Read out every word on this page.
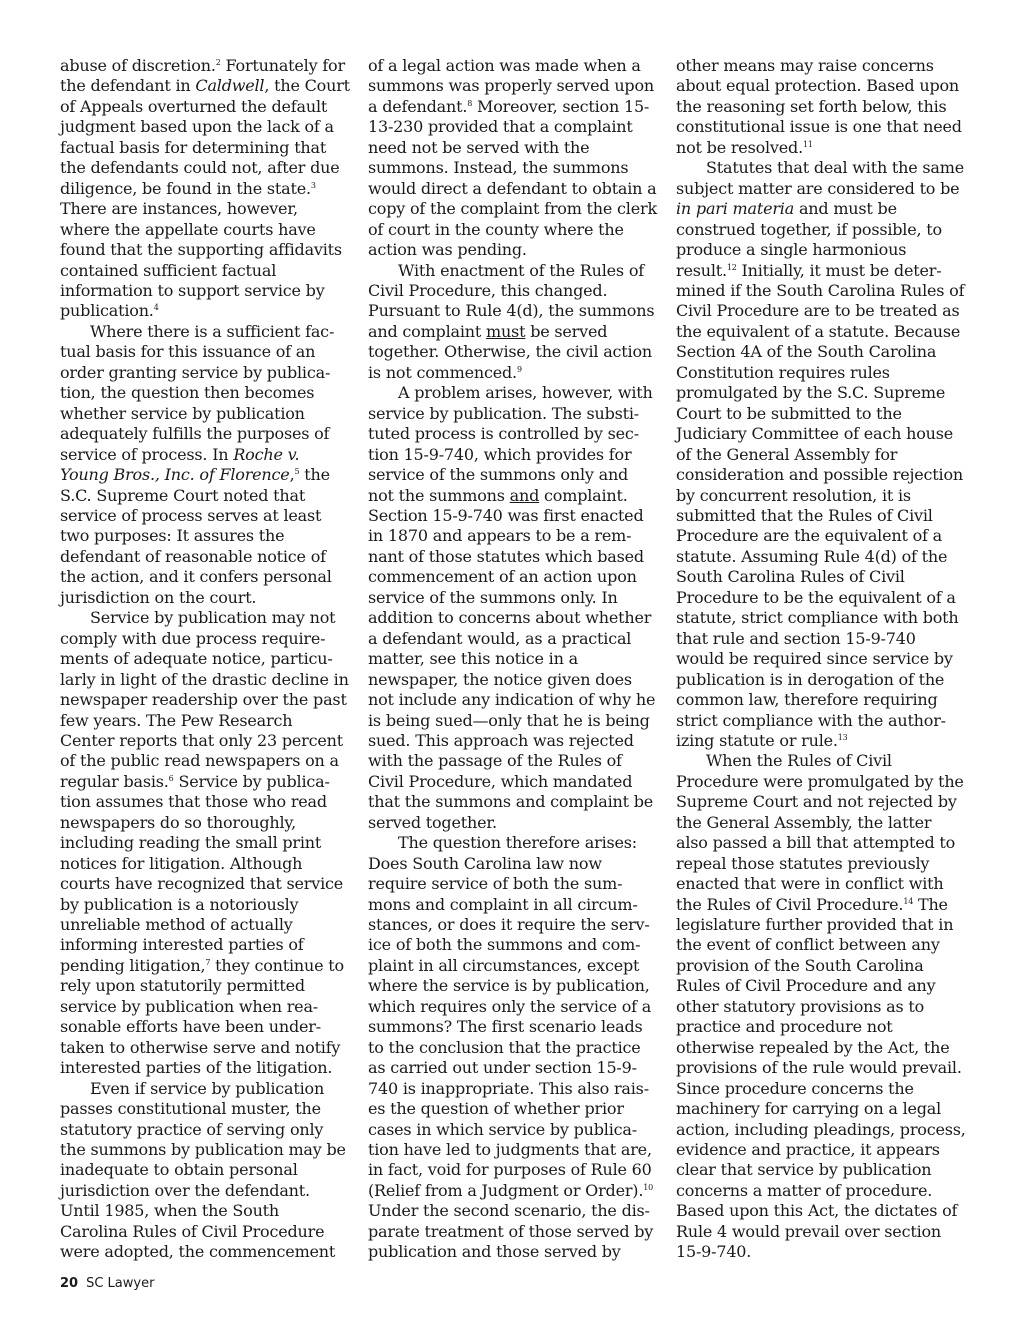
abuse of discretion.$^2$ Fortunately for the defendant in Caldwell, the Court of Appeals overturned the default judgment based upon the lack of a factual basis for determining that the defendants could not, after due diligence, be found in the state.$^3$ There are instances, however, where the appellate courts have found that the supporting affidavits contained sufficient factual information to support service by publication.$^4$

Where there is a sufficient factual basis for this issuance of an order granting service by publication, the question then becomes whether service by publication adequately fulfills the purposes of service of process. In Roche v. Young Bros., Inc. of Florence,$^5$ the S.C. Supreme Court noted that service of process serves at least two purposes: It assures the defendant of reasonable notice of the action, and it confers personal jurisdiction on the court.

Service by publication may not comply with due process requirements of adequate notice, particularly in light of the drastic decline in newspaper readership over the past few years. The Pew Research Center reports that only 23 percent of the public read newspapers on a regular basis.$^6$ Service by publication assumes that those who read newspapers do so thoroughly, including reading the small print notices for litigation. Although courts have recognized that service by publication is a notoriously unreliable method of actually informing interested parties of pending litigation,$^7$ they continue to rely upon statutorily permitted service by publication when reasonable efforts have been undertaken to otherwise serve and notify interested parties of the litigation.

Even if service by publication passes constitutional muster, the statutory practice of serving only the summons by publication may be inadequate to obtain personal jurisdiction over the defendant. Until 1985, when the South Carolina Rules of Civil Procedure were adopted, the commencement

of a legal action was made when a summons was properly served upon a defendant.$^8$ Moreover, section 15-13-230 provided that a complaint need not be served with the summons. Instead, the summons would direct a defendant to obtain a copy of the complaint from the clerk of court in the county where the action was pending.

With enactment of the Rules of Civil Procedure, this changed. Pursuant to Rule 4(d), the summons and complaint must be served together. Otherwise, the civil action is not commenced.$^9$

A problem arises, however, with service by publication. The substituted process is controlled by section 15-9-740, which provides for service of the summons only and not the summons and complaint. Section 15-9-740 was first enacted in 1870 and appears to be a remnant of those statutes which based commencement of an action upon service of the summons only. In addition to concerns about whether a defendant would, as a practical matter, see this notice in a newspaper, the notice given does not include any indication of why he is being sued—only that he is being sued. This approach was rejected with the passage of the Rules of Civil Procedure, which mandated that the summons and complaint be served together.

The question therefore arises: Does South Carolina law now require service of both the summons and complaint in all circumstances, or does it require the service of both the summons and complaint in all circumstances, except where the service is by publication, which requires only the service of a summons? The first scenario leads to the conclusion that the practice as carried out under section 15-9-740 is inappropriate. This also raises the question of whether prior cases in which service by publication have led to judgments that are, in fact, void for purposes of Rule 60 (Relief from a Judgment or Order).$^{10}$ Under the second scenario, the disparate treatment of those served by publication and those served by

other means may raise concerns about equal protection. Based upon the reasoning set forth below, this constitutional issue is one that need not be resolved.$^{11}$

Statutes that deal with the same subject matter are considered to be in pari materia and must be construed together, if possible, to produce a single harmonious result.$^{12}$ Initially, it must be determined if the South Carolina Rules of Civil Procedure are to be treated as the equivalent of a statute. Because Section 4A of the South Carolina Constitution requires rules promulgated by the S.C. Supreme Court to be submitted to the Judiciary Committee of each house of the General Assembly for consideration and possible rejection by concurrent resolution, it is submitted that the Rules of Civil Procedure are the equivalent of a statute. Assuming Rule 4(d) of the South Carolina Rules of Civil Procedure to be the equivalent of a statute, strict compliance with both that rule and section 15-9-740 would be required since service by publication is in derogation of the common law, therefore requiring strict compliance with the authorizing statute or rule.$^{13}$

When the Rules of Civil Procedure were promulgated by the Supreme Court and not rejected by the General Assembly, the latter also passed a bill that attempted to repeal those statutes previously enacted that were in conflict with the Rules of Civil Procedure.$^{14}$ The legislature further provided that in the event of conflict between any provision of the South Carolina Rules of Civil Procedure and any other statutory provisions as to practice and procedure not otherwise repealed by the Act, the provisions of the rule would prevail. Since procedure concerns the machinery for carrying on a legal action, including pleadings, process, evidence and practice, it appears clear that service by publication concerns a matter of procedure. Based upon this Act, the dictates of Rule 4 would prevail over section 15-9-740.

20 SC Lawyer
